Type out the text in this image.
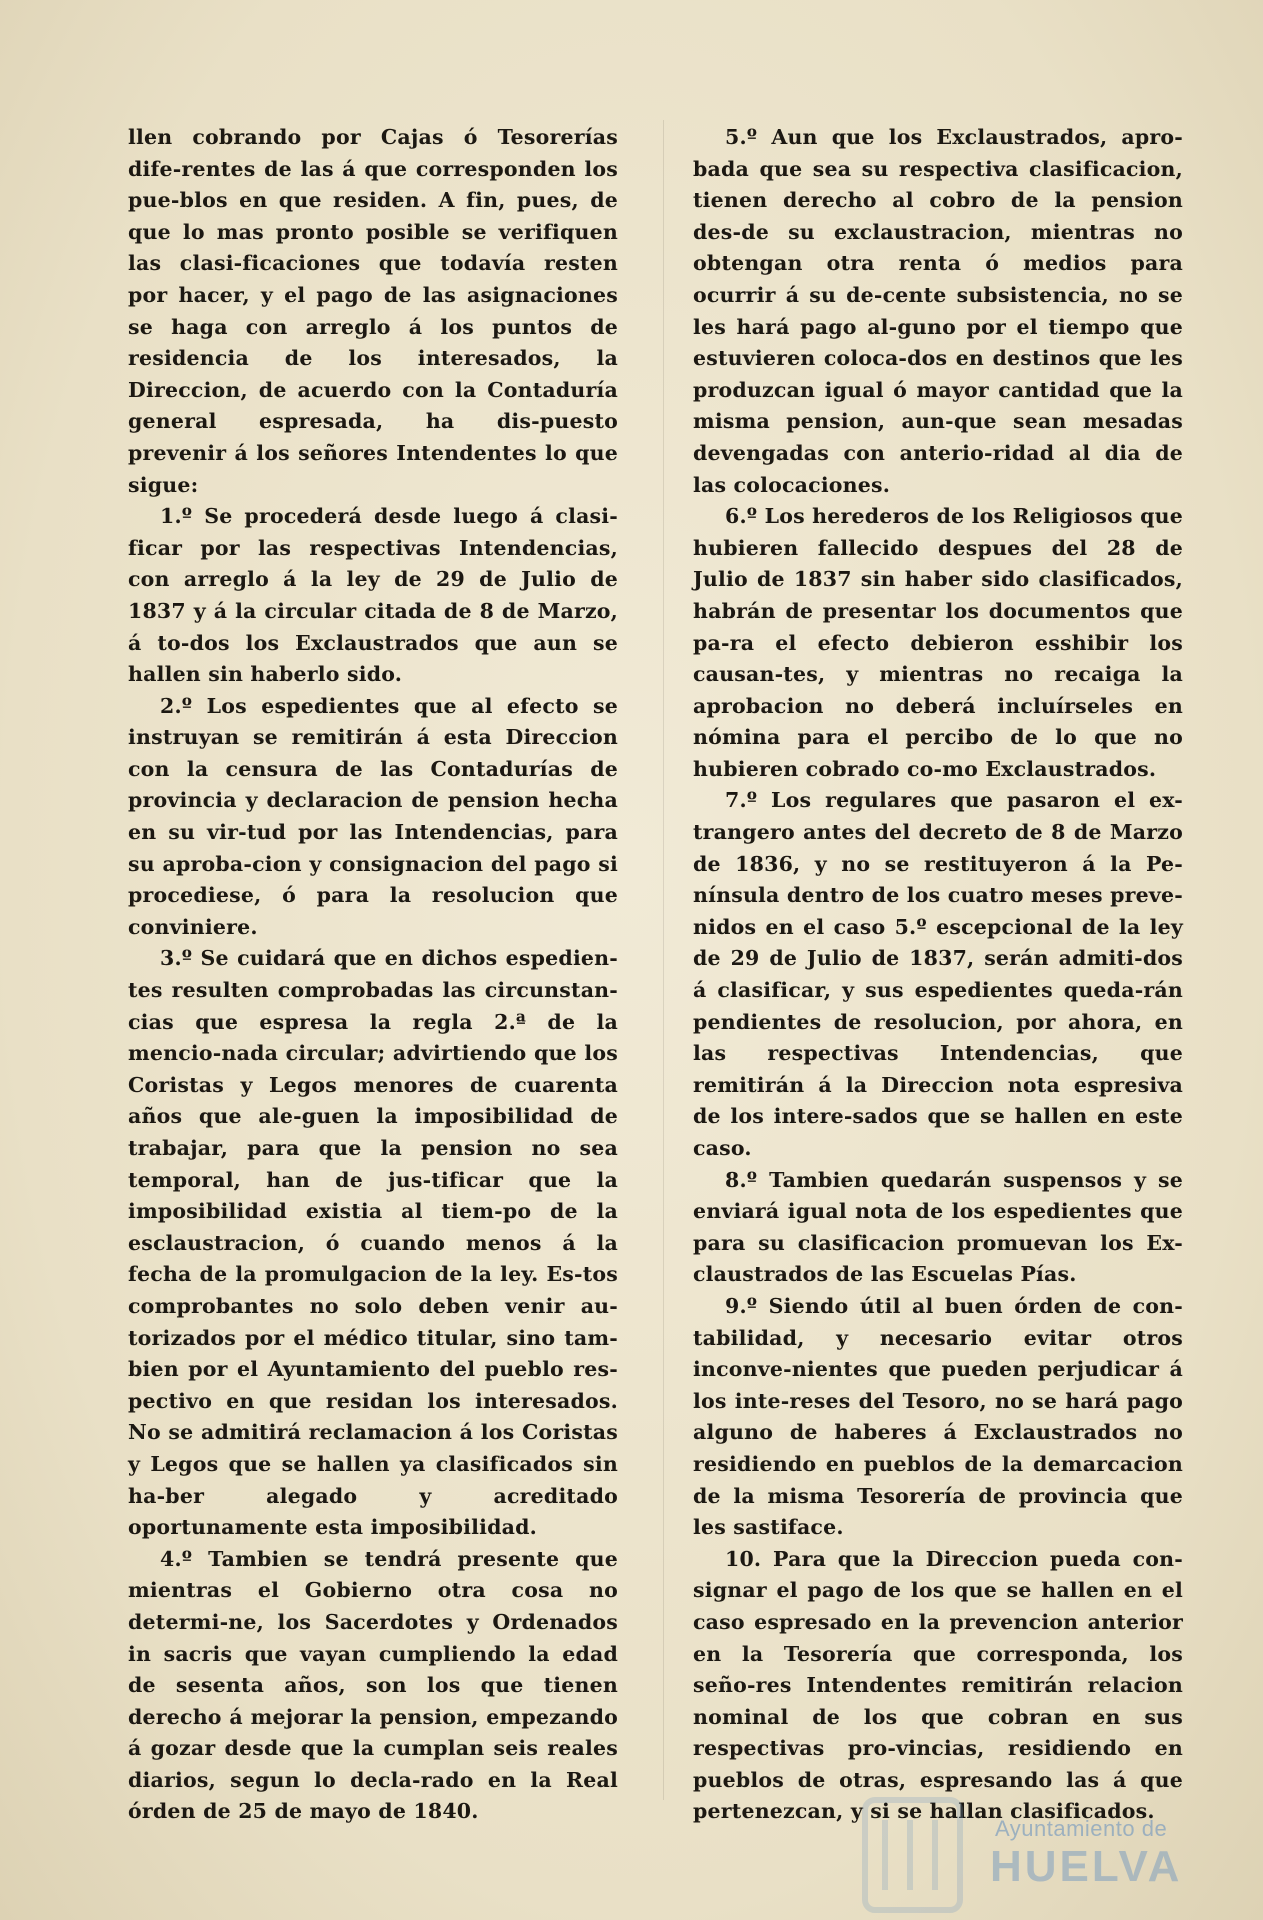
llen cobrando por Cajas ó Tesorerías dife-rentes de las á que corresponden los pue-blos en que residen. A fin, pues, de que lo mas pronto posible se verifiquen las clasi-ficaciones que todavía resten por hacer, y el pago de las asignaciones se haga con arreglo á los puntos de residencia de los interesados, la Direccion, de acuerdo con la Contaduría general espresada, ha dis-puesto prevenir á los señores Intendentes lo que sigue:

1.º Se procederá desde luego á clasi-ficar por las respectivas Intendencias, con arreglo á la ley de 29 de Julio de 1837 y á la circular citada de 8 de Marzo, á to-dos los Exclaustrados que aun se hallen sin haberlo sido.

2.º Los espedientes que al efecto se instruyan se remitirán á esta Direccion con la censura de las Contadurías de provincia y declaracion de pension hecha en su vir-tud por las Intendencias, para su aproba-cion y consignacion del pago si procediese, ó para la resolucion que conviniere.

3.º Se cuidará que en dichos espedien-tes resulten comprobadas las circunstan-cias que espresa la regla 2.ª de la mencio-nada circular; advirtiendo que los Coristas y Legos menores de cuarenta años que ale-guen la imposibilidad de trabajar, para que la pension no sea temporal, han de jus-tificar que la imposibilidad existia al tiem-po de la esclaustracion, ó cuando menos á la fecha de la promulgacion de la ley. Es-tos comprobantes no solo deben venir au-torizados por el médico titular, sino tam-bien por el Ayuntamiento del pueblo res-pectivo en que residan los interesados. No se admitirá reclamacion á los Coristas y Legos que se hallen ya clasificados sin ha-ber alegado y acreditado oportunamente esta imposibilidad.

4.º Tambien se tendrá presente que mientras el Gobierno otra cosa no determi-ne, los Sacerdotes y Ordenados in sacris que vayan cumpliendo la edad de sesenta años, son los que tienen derecho á mejorar la pension, empezando á gozar desde que la cumplan seis reales diarios, segun lo decla-rado en la Real órden de 25 de mayo de 1840.

5.º Aun que los Exclaustrados, apro-bada que sea su respectiva clasificacion, tienen derecho al cobro de la pension des-de su exclaustracion, mientras no obtengan otra renta ó medios para ocurrir á su de-cente subsistencia, no se les hará pago al-guno por el tiempo que estuvieren coloca-dos en destinos que les produzcan igual ó mayor cantidad que la misma pension, aun-que sean mesadas devengadas con anterio-ridad al dia de las colocaciones.

6.º Los herederos de los Religiosos que hubieren fallecido despues del 28 de Julio de 1837 sin haber sido clasificados, habrán de presentar los documentos que pa-ra el efecto debieron esshibir los causan-tes, y mientras no recaiga la aprobacion no deberá incluírseles en nómina para el percibo de lo que no hubieren cobrado co-mo Exclaustrados.

7.º Los regulares que pasaron el ex-trangero antes del decreto de 8 de Marzo de 1836, y no se restituyeron á la Pe-nínsula dentro de los cuatro meses preve-nidos en el caso 5.º escepcional de la ley de 29 de Julio de 1837, serán admiti-dos á clasificar, y sus espedientes queda-rán pendientes de resolucion, por ahora, en las respectivas Intendencias, que remitirán á la Direccion nota espresiva de los intere-sados que se hallen en este caso.

8.º Tambien quedarán suspensos y se enviará igual nota de los espedientes que para su clasificacion promuevan los Ex-claustrados de las Escuelas Pías.

9.º Siendo útil al buen órden de con-tabilidad, y necesario evitar otros inconve-nientes que pueden perjudicar á los inte-reses del Tesoro, no se hará pago alguno de haberes á Exclaustrados no residiendo en pueblos de la demarcacion de la misma Tesorería de provincia que les sastiface.

10. Para que la Direccion pueda con-signar el pago de los que se hallen en el caso espresado en la prevencion anterior en la Tesorería que corresponda, los seño-res Intendentes remitirán relacion nominal de los que cobran en sus respectivas pro-vincias, residiendo en pueblos de otras, espresando las á que pertenezcan, y si se hallan clasificados.

Ayuntamiento de
HUELVA
